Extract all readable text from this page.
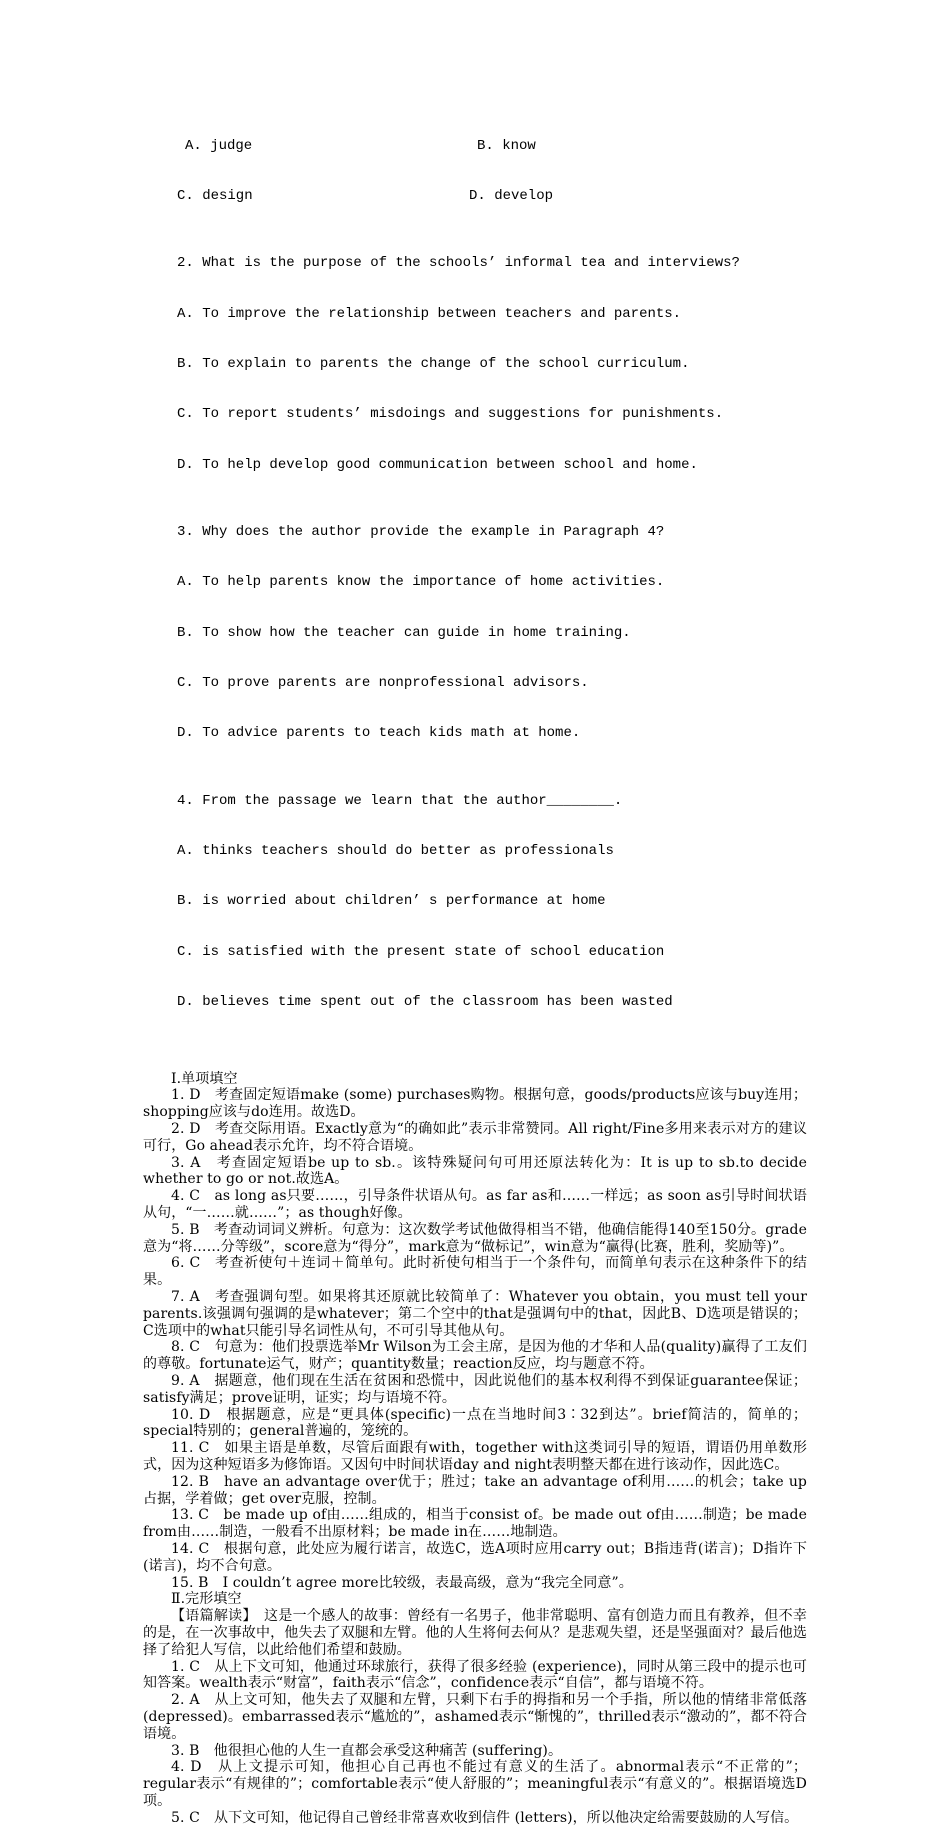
A. judge	B. know

C. design	D. develop

2. What is the purpose of the schools’ informal tea and interviews?

A. To improve the relationship between teachers and parents.

B. To explain to parents the change of the school curriculum.

C. To report students’ misdoings and suggestions for punishments.

D. To help develop good communication between school and home.

3. Why does the author provide the example in Paragraph 4?

A. To help parents know the importance of home activities.

B. To show how the teacher can guide in home training.

C. To prove parents are nonprofessional advisors.

D. To advice parents to teach kids math at home.

4. From the passage we learn that the author________.

A. thinks teachers should do better as professionals

B. is worried about children’ s performance at home

C. is satisfied with the present state of school education

D. believes time spent out of the classroom has been wasted

Ⅰ.单项填空

1. D　考查固定短语make (some) purchases购物。根据句意，goods/products应该与buy连用；shopping应该与do连用。故选D。

2. D　考查交际用语。Exactly意为“的确如此”表示非常赞同。All right/Fine多用来表示对方的建议可行，Go ahead表示允许，均不符合语境。

3. A　考查固定短语be up to sb.。该特殊疑问句可用还原法转化为：It is up to sb.to decide whether to go or not.故选A。

4. C　as long as只要……，引导条件状语从句。as far as和……一样远；as soon as引导时间状语从句，“一……就……”；as though好像。

5. B　考查动词词义辨析。句意为：这次数学考试他做得相当不错，他确信能得140至150分。grade意为“将……分等级”，score意为“得分”，mark意为“做标记”，win意为“赢得(比赛，胜利，奖励等)”。

6. C　考查祈使句＋连词＋简单句。此时祈使句相当于一个条件句，而简单句表示在这种条件下的结果。

7. A　考查强调句型。如果将其还原就比较简单了：Whatever you obtain，you must tell your parents.该强调句强调的是whatever；第二个空中的that是强调句中的that，因此B、D选项是错误的；C选项中的what只能引导名词性从句，不可引导其他从句。

8. C　句意为：他们投票选举Mr Wilson为工会主席，是因为他的才华和人品(quality)赢得了工友们的尊敬。fortunate运气，财产；quantity数量；reaction反应，均与题意不符。

9. A　据题意，他们现在生活在贫困和恐慌中，因此说他们的基本权利得不到保证guarantee保证；satisfy满足；prove证明，证实；均与语境不符。

10. D　根据题意，应是“更具体(specific)一点在当地时间3∶32到达”。brief简洁的，简单的；special特别的；general普遍的，笼统的。

11. C　如果主语是单数，尽管后面跟有with，together with这类词引导的短语，谓语仍用单数形式，因为这种短语多为修饰语。又因句中时间状语day and night表明整天都在进行该动作，因此选C。

12. B　have an advantage over优于；胜过；take an advantage of利用……的机会；take up占据，学着做；get over克服，控制。

13. C　be made up of由……组成的，相当于consist of。be made out of由……制造；be made from由……制造，一般看不出原材料；be made in在……地制造。

14. C　根据句意，此处应为履行诺言，故选C，选A项时应用carry out；B指违背(诺言)；D指许下(诺言)，均不合句意。

15. B　I couldn’t agree more比较级，表最高级，意为“我完全同意”。

Ⅱ.完形填空

【语篇解读】　这是一个感人的故事：曾经有一名男子，他非常聪明、富有创造力而且有教养，但不幸的是，在一次事故中，他失去了双腿和左臂。他的人生将何去何从？是悲观失望，还是坚强面对？最后他选择了给犯人写信，以此给他们希望和鼓励。

1. C　从上下文可知，他通过环球旅行，获得了很多经验 (experience)，同时从第三段中的提示也可知答案。wealth表示“财富”，faith表示“信念”，confidence表示“自信”，都与语境不符。

2. A　从上文可知，他失去了双腿和左臂，只剩下右手的拇指和另一个手指，所以他的情绪非常低落 (depressed)。embarrassed表示“尴尬的”，ashamed表示“惭愧的”，thrilled表示“激动的”，都不符合语境。

3. B　他很担心他的人生一直都会承受这种痛苦 (suffering)。

4. D　从上文提示可知，他担心自己再也不能过有意义的生活了。abnormal表示“不正常的”；regular表示“有规律的”；comfortable表示“使人舒服的”；meaningful表示“有意义的”。根据语境选D项。

5. C　从下文可知，他记得自己曾经非常喜欢收到信件 (letters)，所以他决定给需要鼓励的人写信。
